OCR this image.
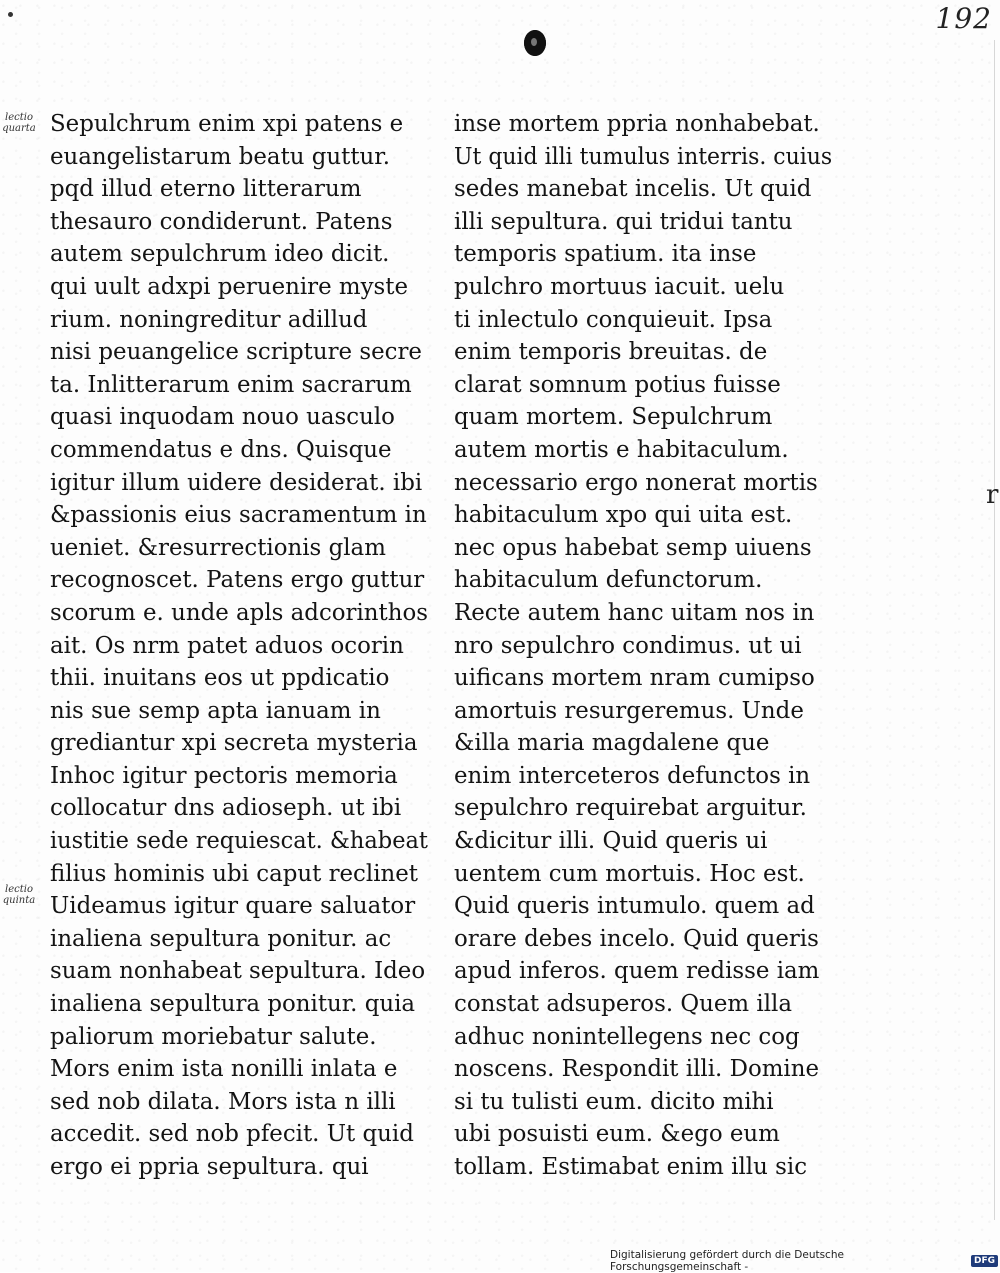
192
r
lectio quarta
lectio quinta
Sepulchrum enim xpi patens e
euangelistarum beatu guttur.
pqd illud eterno litterarum
thesauro condiderunt. Patens
autem sepulchrum ideo dicit.
qui uult adxpi peruenire myste
rium. noningreditur adillud
nisi peuangelice scripture secre
ta. Inlitterarum enim sacrarum
quasi inquodam nouo uasculo
commendatus e dns. Quisque
igitur illum uidere desiderat. ibi
&passionis eius sacramentum in
ueniet. &resurrectionis glam
recognoscet. Patens ergo guttur
scorum e. unde apls adcorinthos
ait. Os nrm patet aduos ocorin
thii. inuitans eos ut ppdicatio
nis sue semp apta ianuam in
grediantur xpi secreta mysteria
Inhoc igitur pectoris memoria
collocatur dns adioseph. ut ibi
iustitie sede requiescat. &habeat
filius hominis ubi caput reclinet
Uideamus igitur quare saluator
inaliena sepultura ponitur. ac
suam nonhabeat sepultura. Ideo
inaliena sepultura ponitur. quia
paliorum moriebatur salute.
Mors enim ista nonilli inlata e
sed nob dilata. Mors ista n illi
accedit. sed nob pfecit. Ut quid
ergo ei ppria sepultura. qui
inse mortem ppria nonhabebat.
Ut quid illi tumulus interris. cuius
sedes manebat incelis. Ut quid
illi sepultura. qui tridui tantu
temporis spatium. ita inse
pulchro mortuus iacuit. uelu
ti inlectulo conquieuit. Ipsa
enim temporis breuitas. de
clarat somnum potius fuisse
quam mortem. Sepulchrum
autem mortis e habitaculum.
necessario ergo nonerat mortis
habitaculum xpo qui uita est.
nec opus habebat semp uiuens
habitaculum defunctorum.
Recte autem hanc uitam nos in
nro sepulchro condimus. ut ui
uificans mortem nram cumipso
amortuis resurgeremus. Unde
&illa maria magdalene que
enim interceteros defunctos in
sepulchro requirebat arguitur.
&dicitur illi. Quid queris ui
uentem cum mortuis. Hoc est.
Quid queris intumulo. quem ad
orare debes incelo. Quid queris
apud inferos. quem redisse iam
constat adsuperos. Quem illa
adhuc nonintellegens nec cog
noscens. Respondit illi. Domine
si tu tulisti eum. dicito mihi
ubi posuisti eum. &ego eum
tollam. Estimabat enim illu sic
Digitalisierung gefördert durch die Deutsche Forschungsgemeinschaft -	DFG
